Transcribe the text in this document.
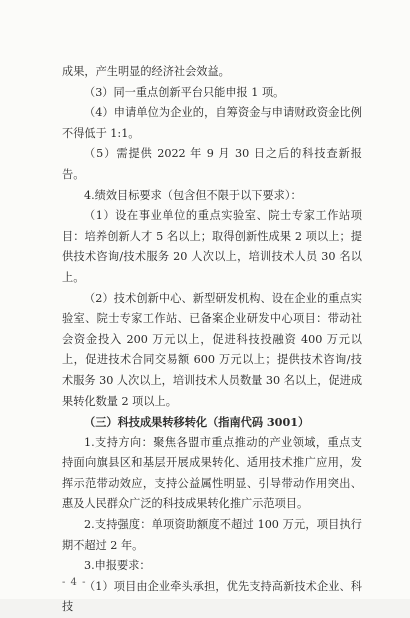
成果，产生明显的经济社会效益。

（3）同一重点创新平台只能申报 1 项。

（4）申请单位为企业的，自筹资金与申请财政资金比例不得低于 1:1。

（5）需提供 2022 年 9 月 30 日之后的科技查新报告。

4.绩效目标要求（包含但不限于以下要求）：

（1）设在事业单位的重点实验室、院士专家工作站项目：培养创新人才 5 名以上；取得创新性成果 2 项以上；提供技术咨询/技术服务 20 人次以上，培训技术人员 30 名以上。

（2）技术创新中心、新型研发机构、设在企业的重点实验室、院士专家工作站、已备案企业研发中心项目：带动社会资金投入 200 万元以上，促进科技投融资 400 万元以上，促进技术合同交易额 600 万元以上；提供技术咨询/技术服务 30 人次以上，培训技术人员数量 30 名以上，促进成果转化数量 2 项以上。

（三）科技成果转移转化（指南代码 3001）

1.支持方向：聚焦各盟市重点推动的产业领域，重点支持面向旗县区和基层开展成果转化、适用技术推广应用，发挥示范带动效应，支持公益属性明显、引导带动作用突出、惠及人民群众广泛的科技成果转化推广示范项目。

2.支持强度：单项资助额度不超过 100 万元，项目执行期不超过 2 年。

3.申报要求：

（1）项目由企业牵头承担，优先支持高新技术企业、科技

- 4 -
